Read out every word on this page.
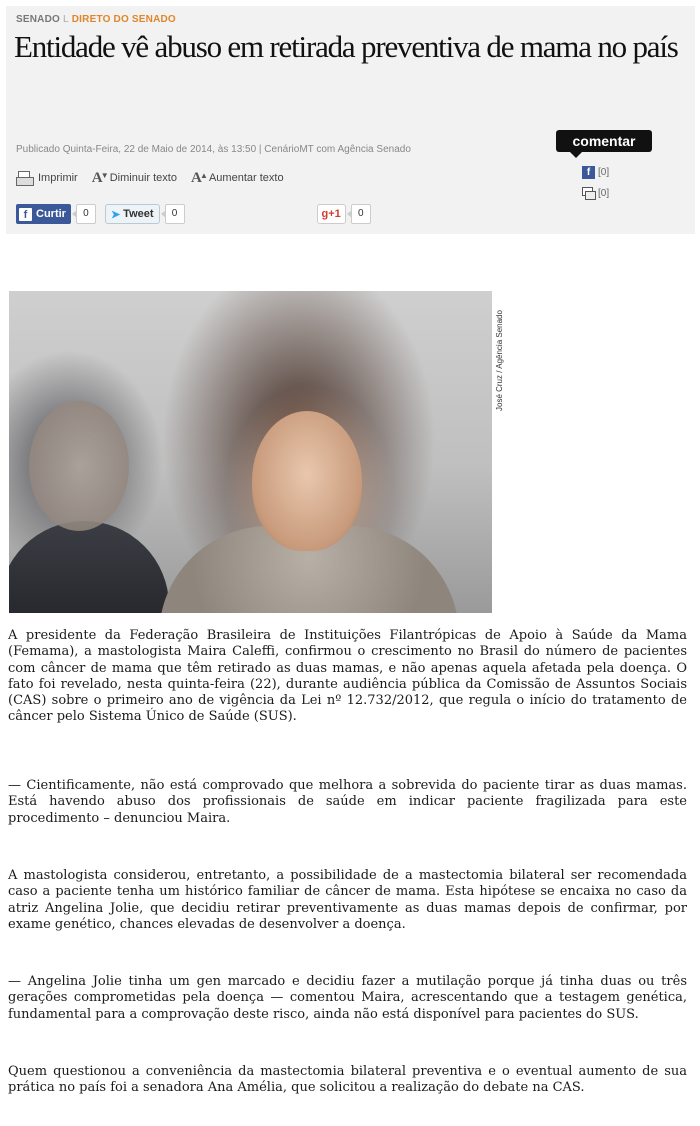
SENADO L DIRETO DO SENADO
Entidade vê abuso em retirada preventiva de mama no país
Publicado Quinta-Feira, 22 de Maio de 2014, às 13:50 | CenárioMT com Agência Senado
comentar
f [0]
[0]
Imprimir A
▼ Diminuir texto A
▲ Aumentar texto
f Curtir	0	➤ Tweet	0	g+1	0
José Cruz / Agência Senado

A presidente da Federação Brasileira de Instituições Filantrópicas de Apoio à Saúde da Mama (Femama), a mastologista Maira Caleffi, confirmou o crescimento no Brasil do número de pacientes com câncer de mama que têm retirado as duas mamas, e não apenas aquela afetada pela doença. O fato foi revelado, nesta quinta-feira (22), durante audiência pública da Comissão de Assuntos Sociais (CAS) sobre o primeiro ano de vigência da Lei nº 12.732/2012, que regula o início do tratamento de câncer pelo Sistema Único de Saúde (SUS).

— Cientificamente, não está comprovado que melhora a sobrevida do paciente tirar as duas mamas. Está havendo abuso dos profissionais de saúde em indicar paciente fragilizada para este procedimento – denunciou Maira.

A mastologista considerou, entretanto, a possibilidade de a mastectomia bilateral ser recomendada caso a paciente tenha um histórico familiar de câncer de mama. Esta hipótese se encaixa no caso da atriz Angelina Jolie, que decidiu retirar preventivamente as duas mamas depois de confirmar, por exame genético, chances elevadas de desenvolver a doença.

— Angelina Jolie tinha um gen marcado e decidiu fazer a mutilação porque já tinha duas ou três gerações comprometidas pela doença — comentou Maira, acrescentando que a testagem genética, fundamental para a comprovação deste risco, ainda não está disponível para pacientes do SUS.

Quem questionou a conveniência da mastectomia bilateral preventiva e o eventual aumento de sua prática no país foi a senadora Ana Amélia, que solicitou a realização do debate na CAS.
